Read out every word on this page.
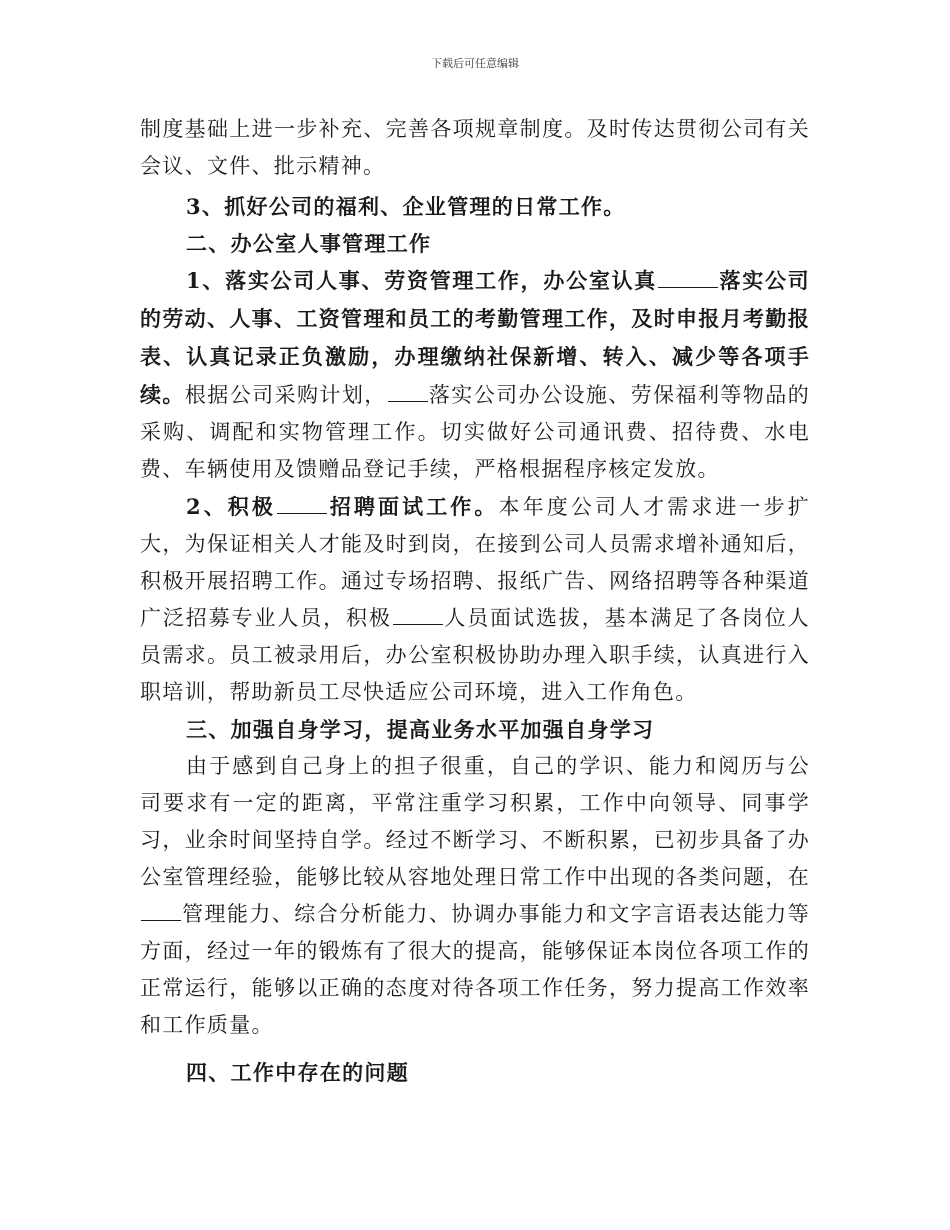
下载后可任意编辑

制度基础上进一步补充、完善各项规章制度。及时传达贯彻公司有关会议、文件、批示精神。

3、抓好公司的福利、企业管理的日常工作。

二、办公室人事管理工作

1、落实公司人事、劳资管理工作，办公室认真	落实公司的劳动、人事、工资管理和员工的考勤管理工作，及时申报月考勤报表、认真记录正负激励，办理缴纳社保新增、转入、减少等各项手续。根据公司采购计划， 落实公司办公设施、劳保福利等物品的采购、调配和实物管理工作。切实做好公司通讯费、招待费、水电费、车辆使用及馈赠品登记手续，严格根据程序核定发放。

2、积极 招聘面试工作。本年度公司人才需求进一步扩大，为保证相关人才能及时到岗，在接到公司人员需求增补通知后，积极开展招聘工作。通过专场招聘、报纸广告、网络招聘等各种渠道广泛招募专业人员，积极 人员面试选拔，基本满足了各岗位人员需求。员工被录用后，办公室积极协助办理入职手续，认真进行入职培训，帮助新员工尽快适应公司环境，进入工作角色。

三、加强自身学习，提高业务水平加强自身学习

由于感到自己身上的担子很重，自己的学识、能力和阅历与公司要求有一定的距离，平常注重学习积累，工作中向领导、同事学习，业余时间坚持自学。经过不断学习、不断积累，已初步具备了办公室管理经验，能够比较从容地处理日常工作中出现的各类问题，在管理能力、综合分析能力、协调办事能力和文字言语表达能力等方面，经过一年的锻炼有了很大的提高，能够保证本岗位各项工作的正常运行，能够以正确的态度对待各项工作任务，努力提高工作效率和工作质量。

四、工作中存在的问题
